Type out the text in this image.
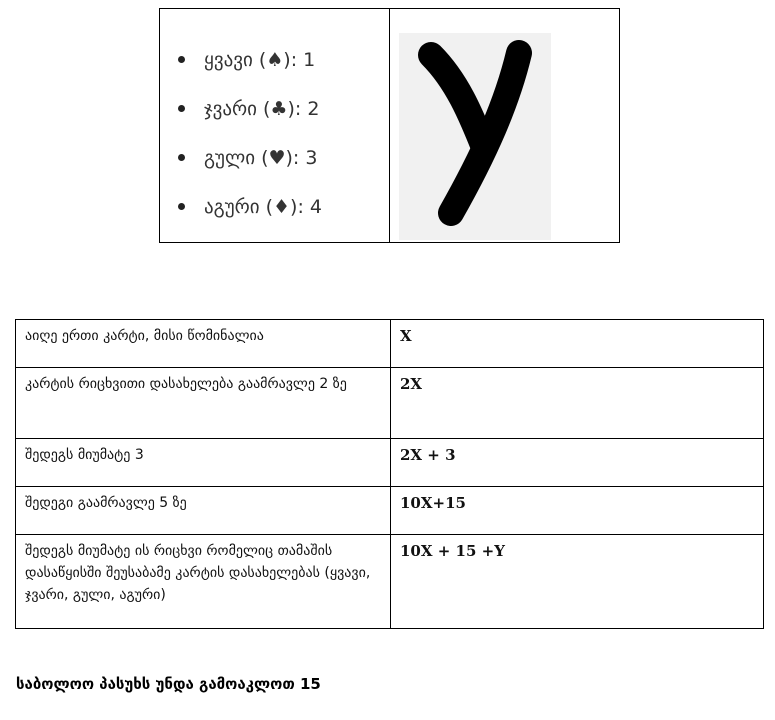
ყვავი (♠): 1
ჯვარი (♣): 2
გული (♥): 3
აგური (♦): 4
აიღე ერთი კარტი, მისი წომინალია	X
კარტის რიცხვითი დასახელება გაამრავლე 2 ზე	2X
შედეგს მიუმატე 3	2X + 3
შედეგი გაამრავლე 5 ზე	10X+15
შედეგს მიუმატე ის რიცხვი რომელიც თამაშის დასაწყისში შეუსაბამე კარტის დასახელებას (ყვავი, ჯვარი, გული, აგური)	10X + 15 +Y
საბოლოო პასუხს უნდა გამოაკლოთ 15
